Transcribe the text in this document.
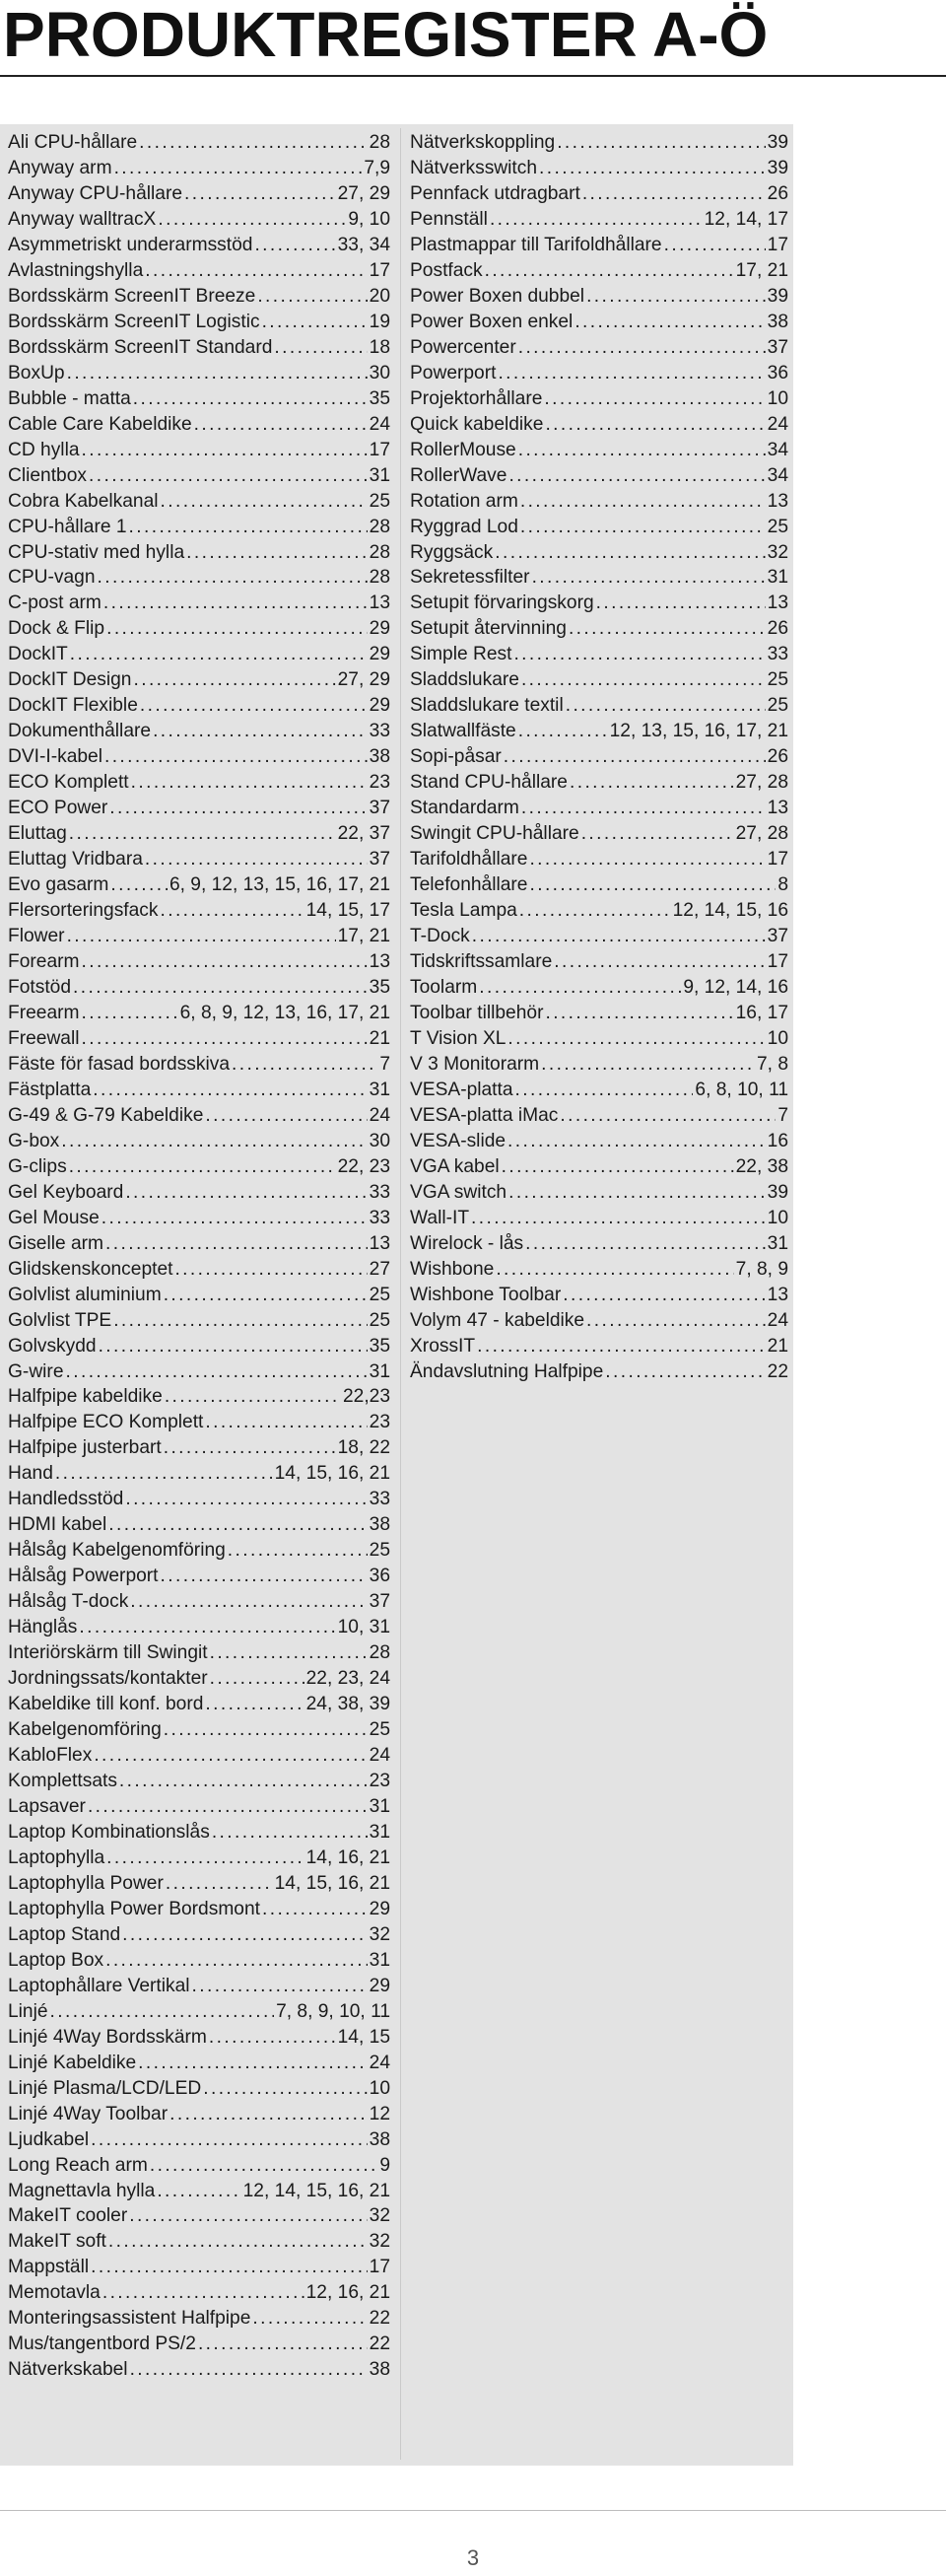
PRODUKTREGISTER A-Ö
Ali CPU-hållare .....	28
Anyway arm .....	7,9
Anyway CPU-hållare .....	27, 29
Anyway walltracX .....	9, 10
Asymmetriskt underarmsstöd .....	33, 34
Avlastningshylla .....	17
Bordsskärm ScreenIT Breeze .....	20
Bordsskärm ScreenIT Logistic .....	19
Bordsskärm ScreenIT Standard .....	18
BoxUp .....	30
Bubble - matta .....	35
Cable Care Kabeldike .....	24
CD hylla .....	17
Clientbox .....	31
Cobra Kabelkanal .....	25
CPU-hållare 1 .....	28
CPU-stativ med hylla .....	28
CPU-vagn .....	28
C-post arm .....	13
Dock & Flip .....	29
DockIT .....	29
DockIT Design .....	27, 29
DockIT Flexible .....	29
Dokumenthållare .....	33
DVI-I-kabel .....	38
ECO Komplett .....	23
ECO Power .....	37
Eluttag .....	22, 37
Eluttag Vridbara .....	37
Evo gasarm .....	6, 9, 12, 13, 15, 16, 17, 21
Flersorteringsfack .....	14, 15, 17
Flower .....	17, 21
Forearm .....	13
Fotstöd .....	35
Freearm .....	6, 8, 9, 12, 13, 16, 17, 21
Freewall .....	21
Fäste för fasad bordsskiva .....	7
Fästplatta .....	31
G-49 & G-79 Kabeldike .....	24
G-box .....	30
G-clips .....	22, 23
Gel Keyboard .....	33
Gel Mouse .....	33
Giselle arm .....	13
Glidskenskonceptet .....	27
Golvlist aluminium .....	25
Golvlist TPE .....	25
Golvskydd .....	35
G-wire .....	31
Halfpipe kabeldike .....	22,23
Halfpipe ECO Komplett .....	23
Halfpipe justerbart .....	18, 22
Hand .....	14, 15, 16, 21
Handledsstöd .....	33
HDMI kabel .....	38
Hålsåg Kabelgenomföring .....	25
Hålsåg Powerport .....	36
Hålsåg T-dock .....	37
Hänglås .....	10, 31
Interiörskärm till Swingit .....	28
Jordningssats/kontakter .....	22, 23, 24
Kabeldike till konf. bord .....	24, 38, 39
Kabelgenomföring .....	25
KabloFlex .....	24
Komplettsats .....	23
Lapsaver .....	31
Laptop Kombinationslås .....	31
Laptophylla .....	14, 16, 21
Laptophylla Power .....	14, 15, 16, 21
Laptophylla Power Bordsmont .....	29
Laptop Stand .....	32
Laptop Box .....	31
Laptophållare Vertikal .....	29
Linjé .....	7, 8, 9, 10, 11
Linjé 4Way Bordsskärm .....	14, 15
Linjé Kabeldike .....	24
Linjé Plasma/LCD/LED .....	10
Linjé 4Way Toolbar .....	12
Ljudkabel .....	38
Long Reach arm .....	9
Magnettavla hylla .....	12, 14, 15, 16, 21
MakeIT cooler .....	32
MakeIT soft .....	32
Mappställ .....	17
Memotavla .....	12, 16, 21
Monteringsassistent Halfpipe .....	22
Mus/tangentbord PS/2 .....	22
Nätverkskabel .....	38
Nätverkskoppling .....	39
Nätverksswitch .....	39
Pennfack utdragbart .....	26
Pennställ .....	12, 14, 17
Plastmappar till Tarifoldhållare .....	17
Postfack .....	17, 21
Power Boxen dubbel .....	39
Power Boxen enkel .....	38
Powercenter .....	37
Powerport .....	36
Projektorhållare .....	10
Quick kabeldike .....	24
RollerMouse .....	34
RollerWave .....	34
Rotation arm .....	13
Ryggrad Lod .....	25
Ryggsäck .....	32
Sekretessfilter .....	31
Setupit förvaringskorg .....	13
Setupit återvinning .....	26
Simple Rest .....	33
Sladdslukare .....	25
Sladdslukare textil .....	25
Slatwallfäste .....	12, 13, 15, 16, 17, 21
Sopi-påsar .....	26
Stand CPU-hållare .....	27, 28
Standardarm .....	13
Swingit CPU-hållare .....	27, 28
Tarifoldhållare .....	17
Telefonhållare .....	8
Tesla Lampa .....	12, 14, 15, 16
T-Dock .....	37
Tidskriftssamlare .....	17
Toolarm .....	9, 12, 14, 16
Toolbar tillbehör .....	16, 17
T Vision XL .....	10
V 3 Monitorarm .....	7, 8
VESA-platta .....	6, 8, 10, 11
VESA-platta iMac .....	7
VESA-slide .....	16
VGA kabel .....	22, 38
VGA switch .....	39
Wall-IT .....	10
Wirelock - lås .....	31
Wishbone .....	7, 8, 9
Wishbone Toolbar .....	13
Volym 47 - kabeldike .....	24
XrossIT .....	21
Ändavslutning Halfpipe .....	22
3
